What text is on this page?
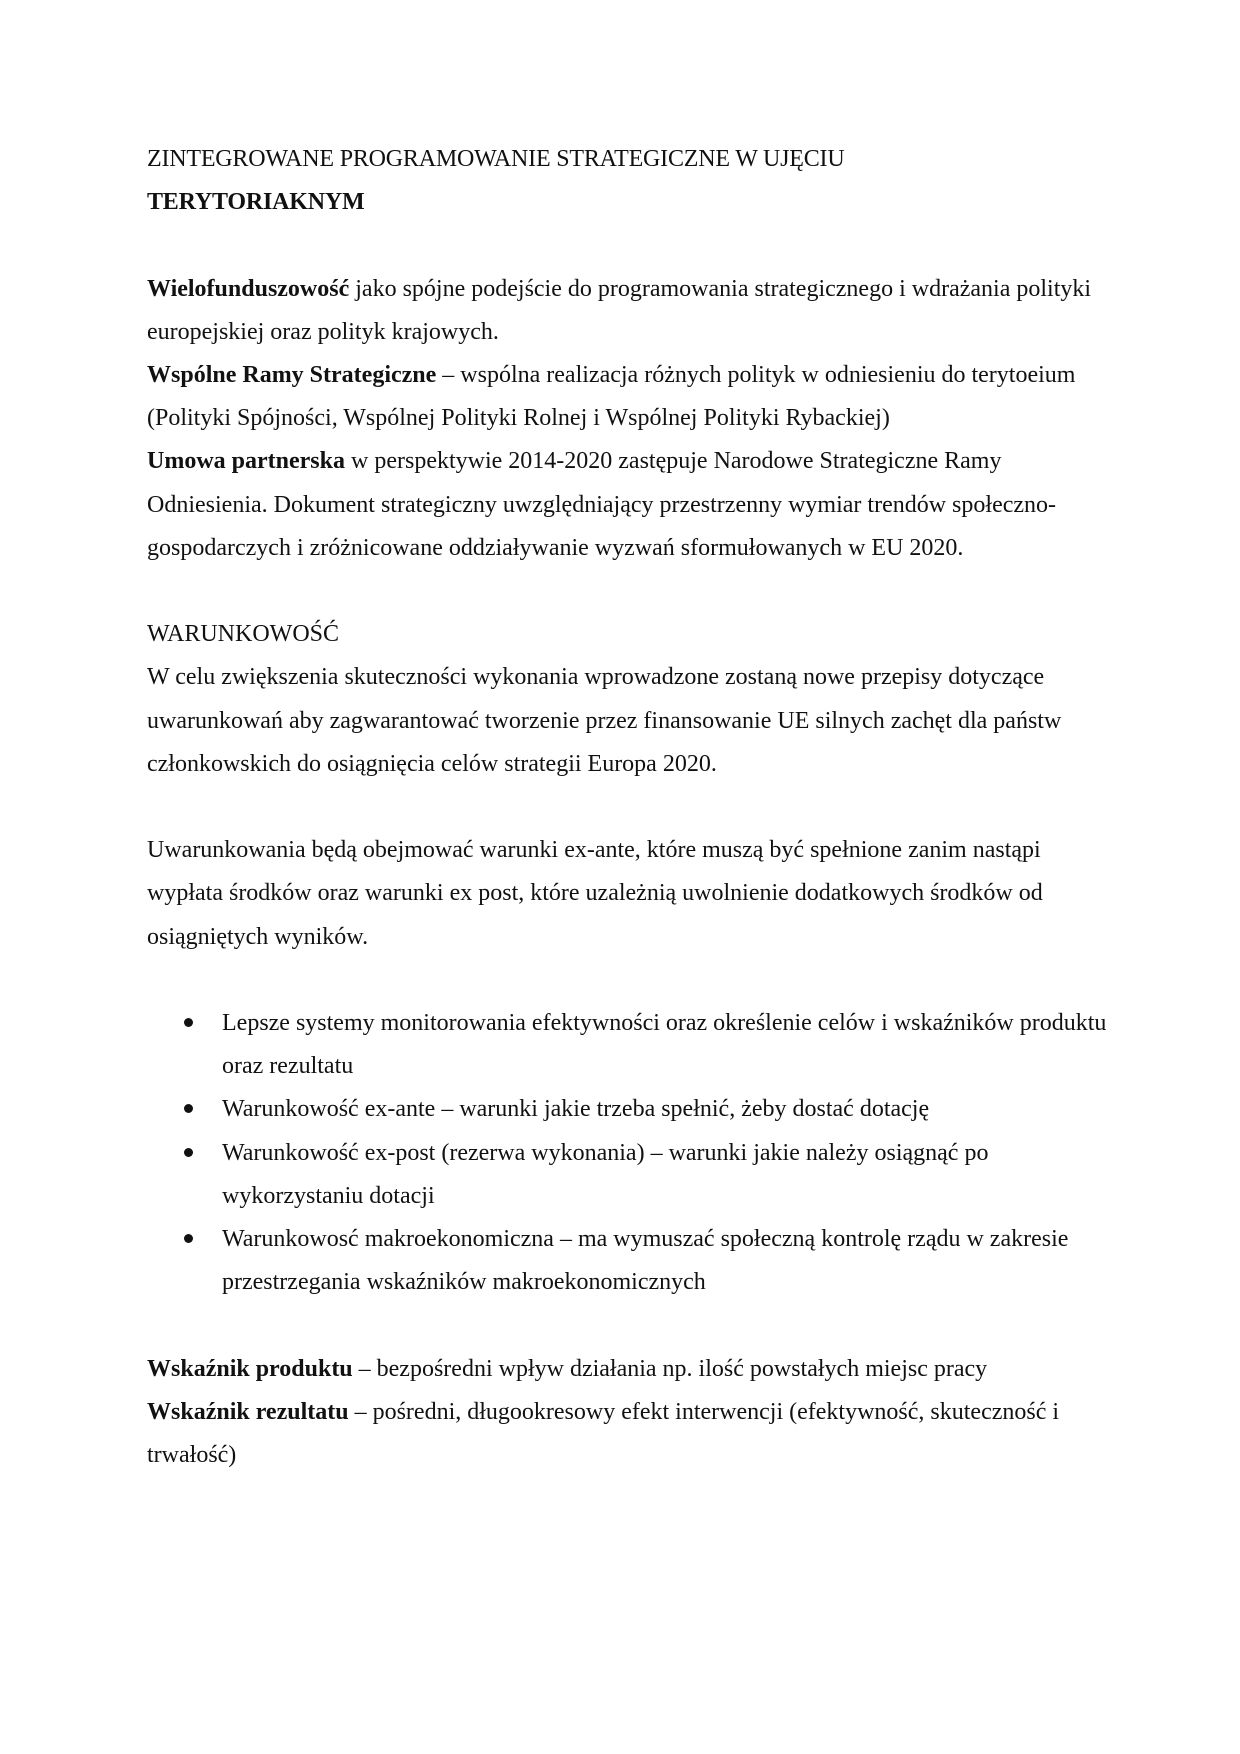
ZINTEGROWANE PROGRAMOWANIE STRATEGICZNE W UJĘCIU

TERYTORIAKNYM

Wielofunduszowość jako spójne podejście do programowania strategicznego i wdrażania polityki europejskiej oraz polityk krajowych.

Wspólne Ramy Strategiczne – wspólna realizacja różnych polityk w odniesieniu do terytoeium (Polityki Spójności, Wspólnej Polityki Rolnej i Wspólnej Polityki Rybackiej)

Umowa partnerska w perspektywie 2014-2020 zastępuje Narodowe Strategiczne Ramy Odniesienia. Dokument strategiczny uwzględniający przestrzenny wymiar trendów społeczno-gospodarczych i zróżnicowane oddziaływanie wyzwań sformułowanych w EU 2020.

WARUNKOWOŚĆ

W celu zwiększenia skuteczności wykonania wprowadzone zostaną nowe przepisy dotyczące uwarunkowań aby zagwarantować tworzenie przez finansowanie UE silnych zachęt dla państw członkowskich do osiągnięcia celów strategii Europa 2020.

Uwarunkowania będą obejmować warunki ex-ante, które muszą być spełnione zanim nastąpi wypłata środków oraz warunki ex post, które uzależnią uwolnienie dodatkowych środków od osiągniętych wyników.

Lepsze systemy monitorowania efektywności oraz określenie celów i wskaźników produktu oraz rezultatu
Warunkowość ex-ante – warunki jakie trzeba spełnić, żeby dostać dotację
Warunkowość ex-post (rezerwa wykonania) – warunki jakie należy osiągnąć po wykorzystaniu dotacji
Warunkowosć makroekonomiczna – ma wymuszać społeczną kontrolę rządu w zakresie przestrzegania wskaźników makroekonomicznych

Wskaźnik produktu – bezpośredni wpływ działania np. ilość powstałych miejsc pracy

Wskaźnik rezultatu – pośredni, długookresowy efekt interwencji (efektywność, skuteczność i trwałość)
